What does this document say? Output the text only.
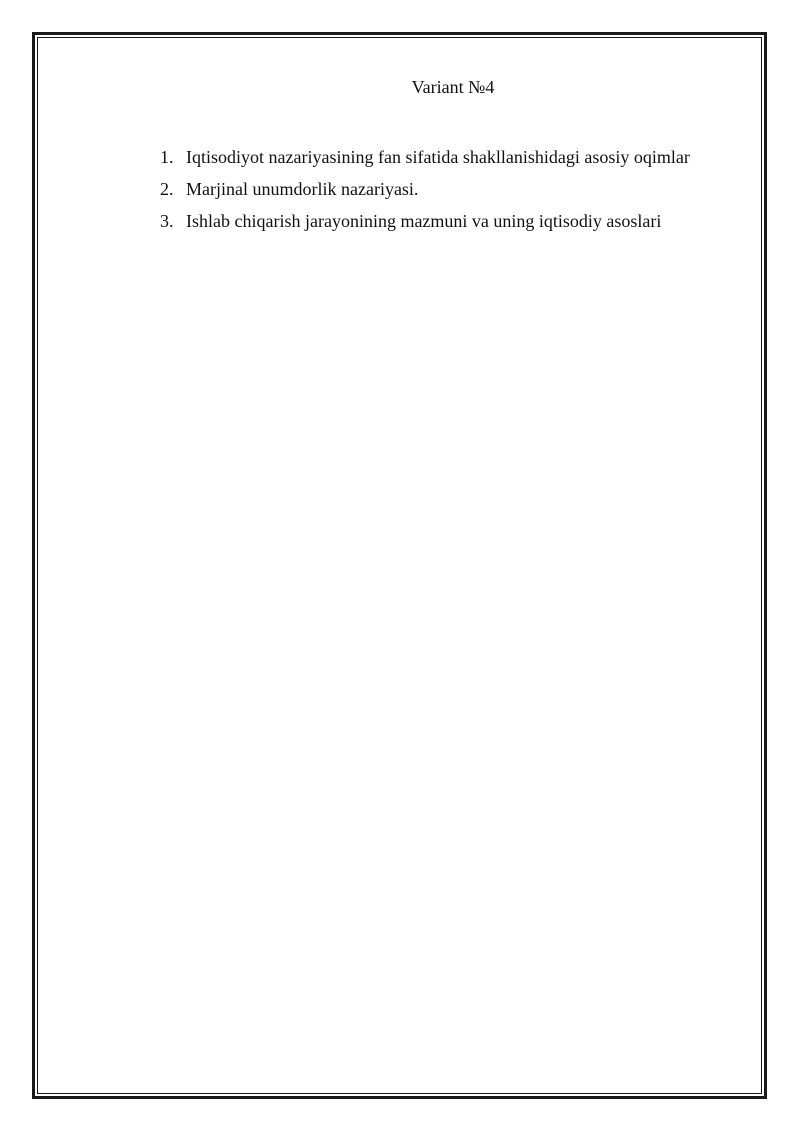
Variant №4
1. Iqtisodiyot nazariyasining fan sifatida shakllanishidagi asosiy oqimlar
2. Marjinal unumdorlik nazariyasi.
3. Ishlab chiqarish jarayonining mazmuni va uning iqtisodiy asoslari
